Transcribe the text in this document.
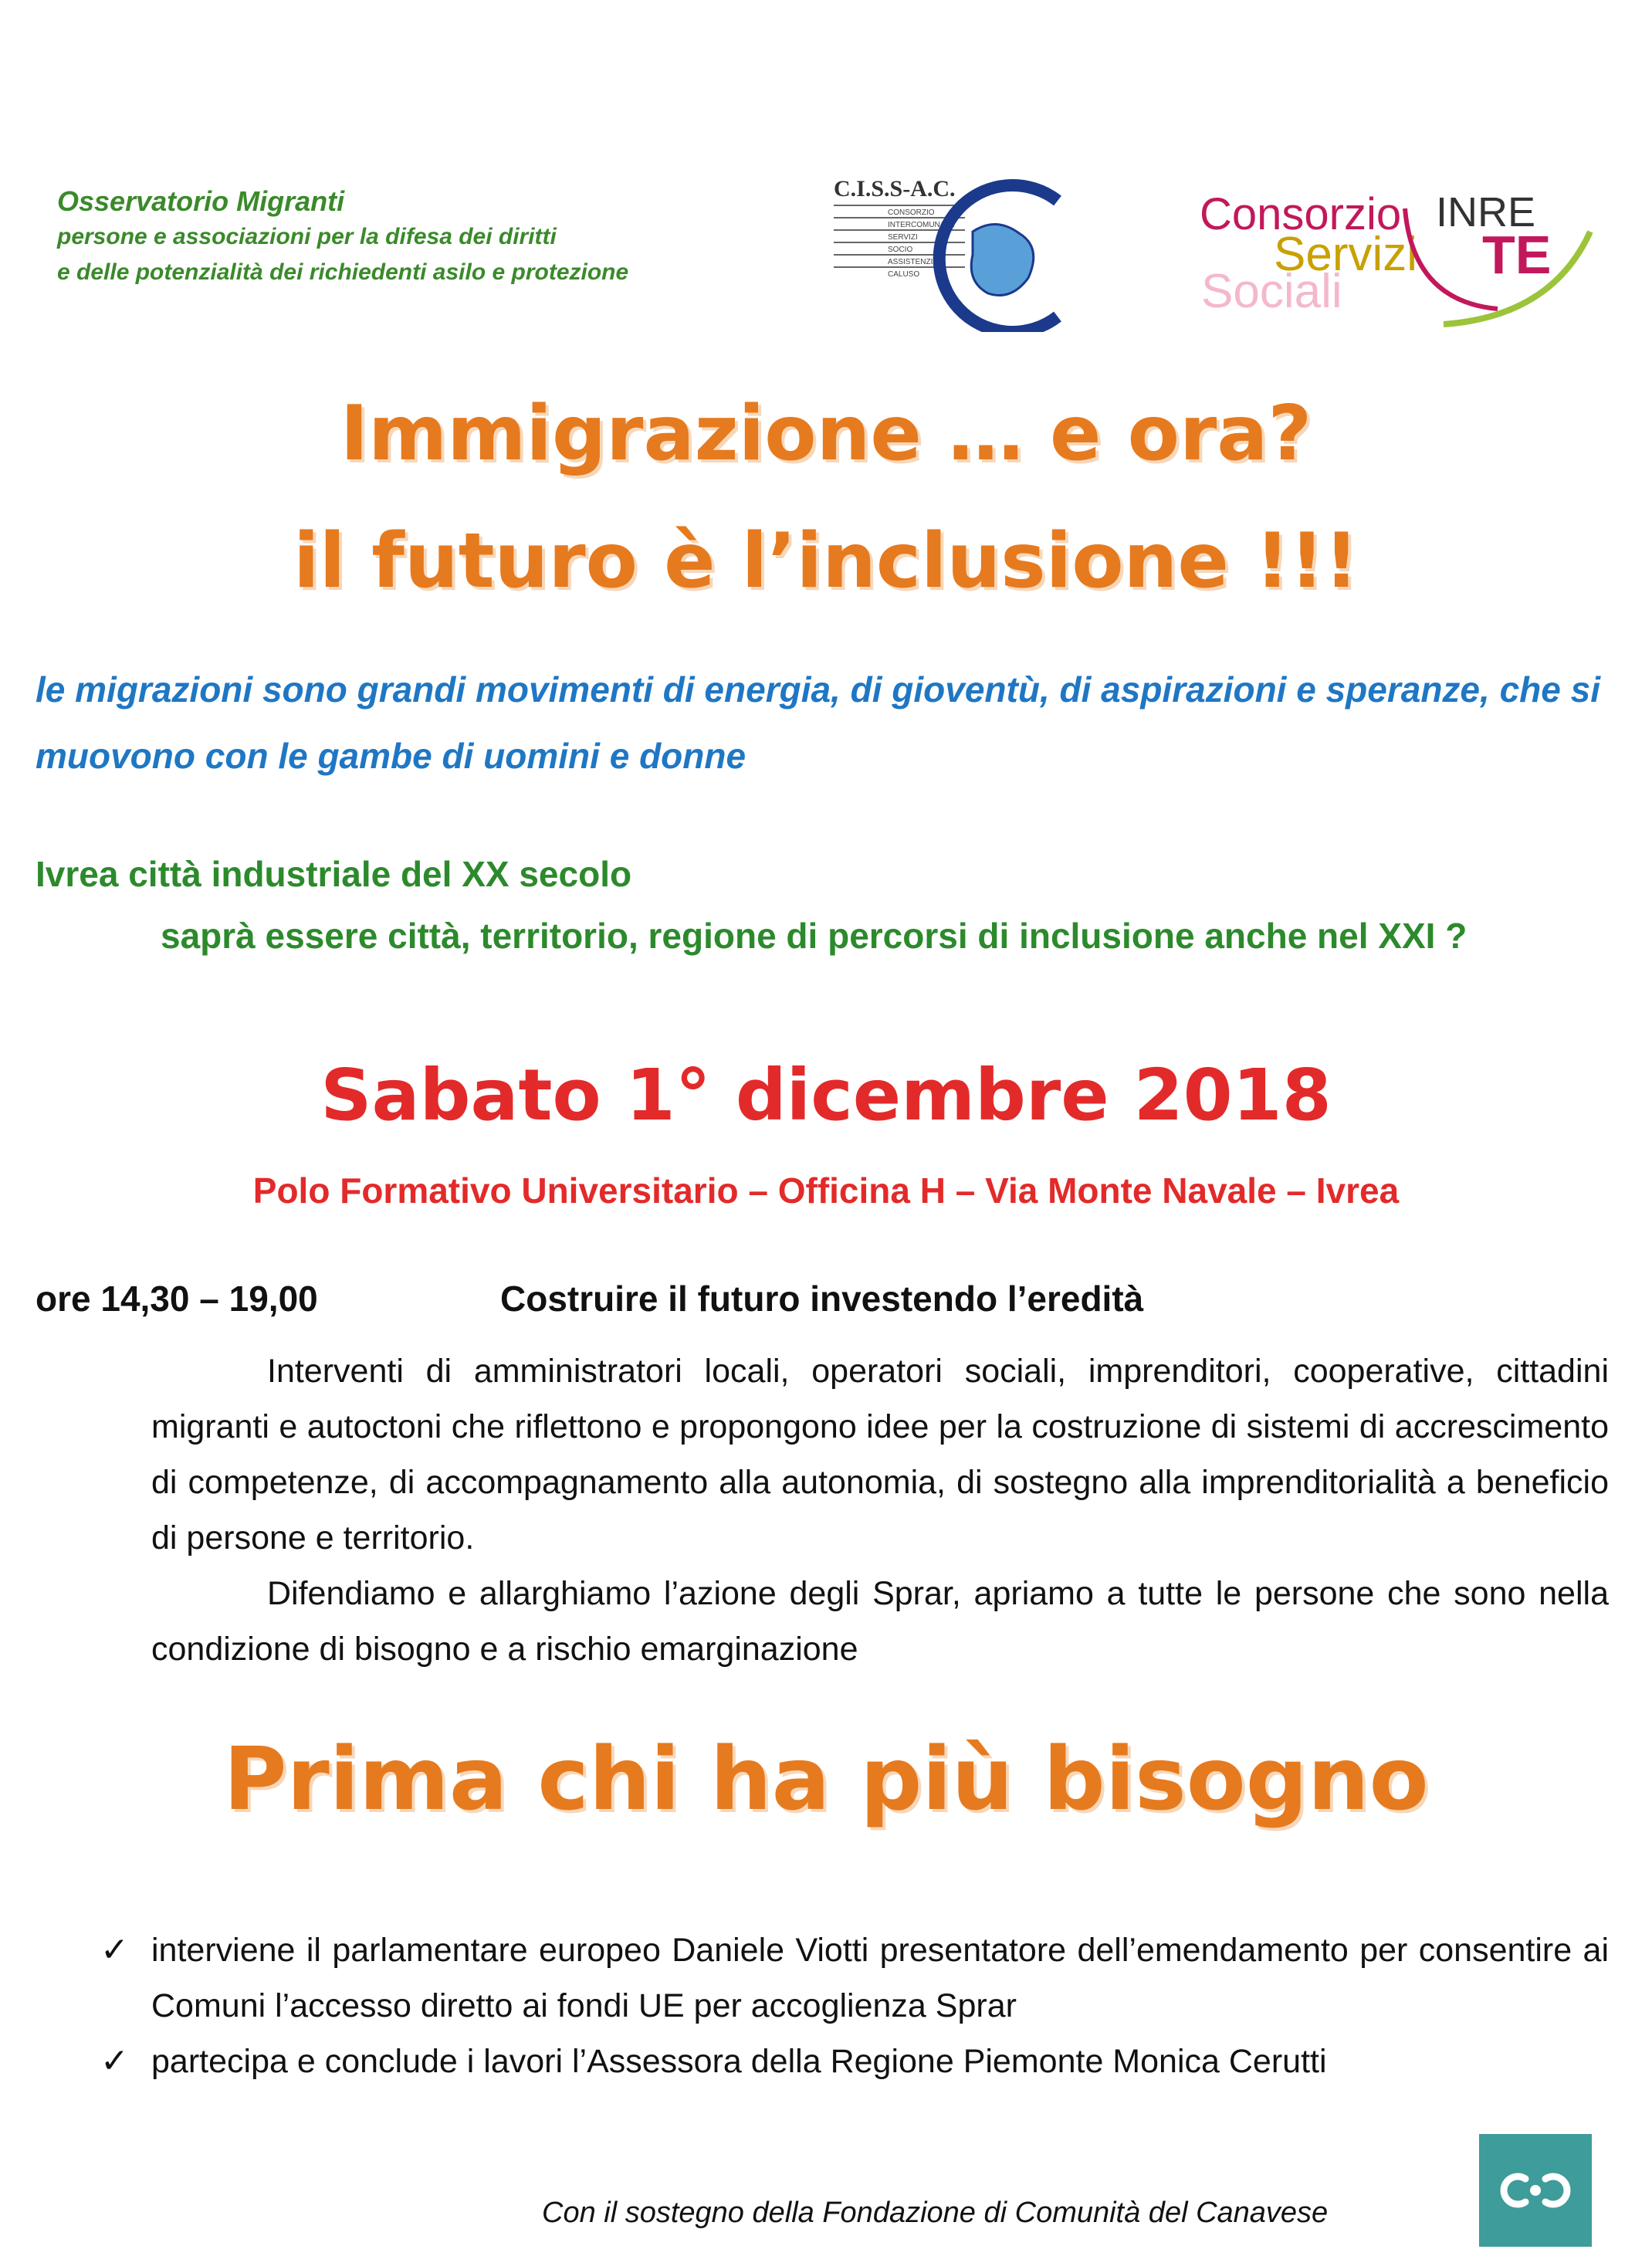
Osservatorio Migranti
persone e associazioni per la difesa dei diritti
e delle potenzialità dei richiedenti asilo e protezione
C.I.S.S-A.C.
CONSORZIO
INTERCOMUNALE
SERVIZI
SOCIO
ASSISTENZIALI
CALUSO	Sociali
Consorzio
Servizi
INRE
TE
Immigrazione … e ora?
il futuro è l’inclusione !!!
le migrazioni sono grandi movimenti di energia, di gioventù, di aspirazioni e speranze, che si muovono con le gambe di uomini e donne
Ivrea città industriale del XX secolo
saprà essere città, territorio, regione di percorsi di inclusione anche nel XXI ?
Sabato 1° dicembre 2018
Polo Formativo Universitario – Officina H – Via Monte Navale – Ivrea
ore 14,30 – 19,00	Costruire il futuro investendo l’eredità

Interventi di amministratori locali, operatori sociali, imprenditori, cooperative, cittadini migranti e autoctoni che riflettono e propongono idee per la costruzione di sistemi di accrescimento di competenze, di accompagnamento alla autonomia, di sostegno alla imprenditorialità a beneficio di persone e territorio.

Difendiamo e allarghiamo l’azione degli Sprar, apriamo a tutte le persone che sono nella condizione di bisogno e a rischio emarginazione

Prima chi ha più bisogno
✓ interviene il parlamentare europeo Daniele Viotti presentatore dell’emendamento per consentire ai Comuni l’accesso diretto ai fondi UE per accoglienza Sprar
✓ partecipa e conclude i lavori l’Assessora della Regione Piemonte Monica Cerutti
Con il sostegno della Fondazione di Comunità del Canavese
